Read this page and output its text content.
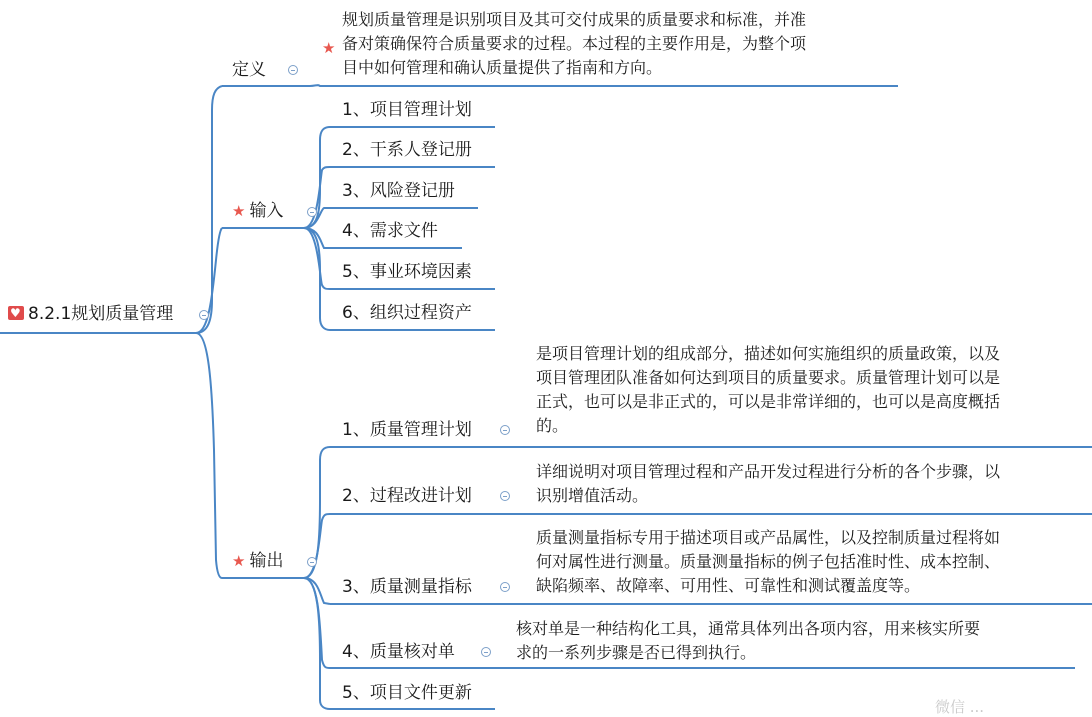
♥8.2.1规划质量管理
定义
★
规划质量管理是识别项目及其可交付成果的质量要求和标准，并准
备对策确保符合质量要求的过程。本过程的主要作用是，为整个项
目中如何管理和确认质量提供了指南和方向。
★ 输入
1、项目管理计划
2、干系人登记册
3、风险登记册
4、需求文件
5、事业环境因素
6、组织过程资产
★ 输出
1、质量管理计划
是项目管理计划的组成部分，描述如何实施组织的质量政策，以及
项目管理团队准备如何达到项目的质量要求。质量管理计划可以是
正式，也可以是非正式的，可以是非常详细的，也可以是高度概括
的。
2、过程改进计划
详细说明对项目管理过程和产品开发过程进行分析的各个步骤，以
识别增值活动。
3、质量测量指标
质量测量指标专用于描述项目或产品属性，以及控制质量过程将如
何对属性进行测量。质量测量指标的例子包括准时性、成本控制、
缺陷频率、故障率、可用性、可靠性和测试覆盖度等。
4、质量核对单
核对单是一种结构化工具，通常具体列出各项内容，用来核实所要
求的一系列步骤是否已得到执行。
5、项目文件更新
微信 ...
